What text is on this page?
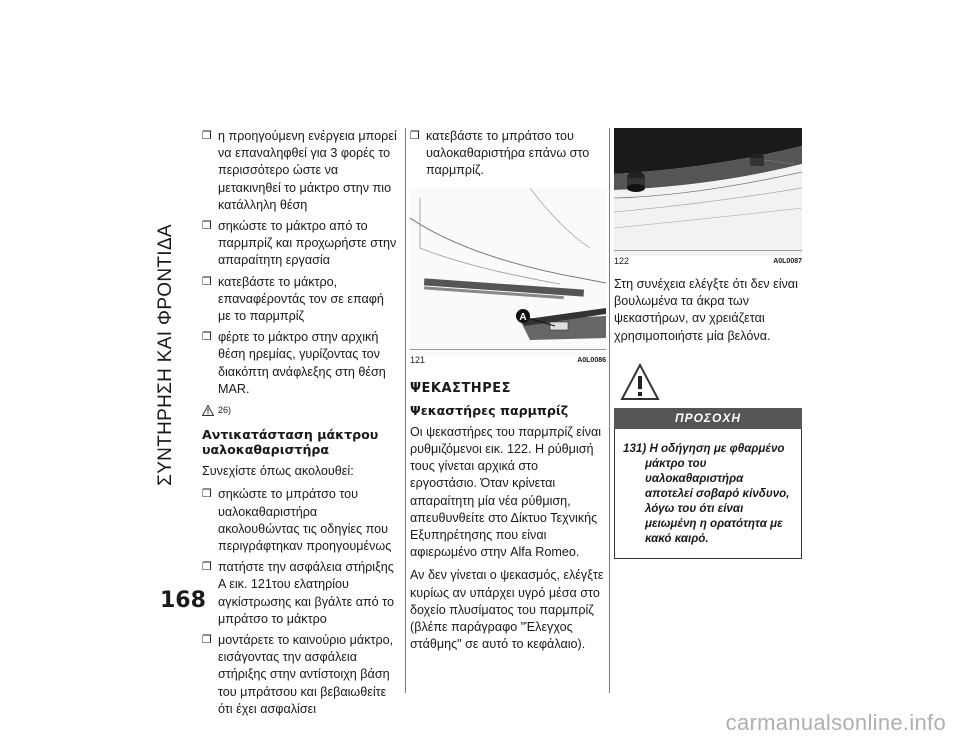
ΣΥΝΤΗΡΗΣΗ ΚΑΙ ΦΡΟΝΤΙΔΑ
168
❒ η προηγούμενη ενέργεια μπορεί να επαναληφθεί για 3 φορές το περισσότερο ώστε να μετακινηθεί το μάκτρο στην πιο κατάλληλη θέση
❒ σηκώστε το μάκτρο από το παρμπρίζ και προχωρήστε στην απαραίτητη εργασία
❒ κατεβάστε το μάκτρο, επαναφέροντάς τον σε επαφή με το παρμπρίζ
❒ φέρτε το μάκτρο στην αρχική θέση ηρεμίας, γυρίζοντας τον διακόπτη ανάφλεξης στη θέση MAR.
26)
Αντικατάσταση μάκτρου υαλοκαθαριστήρα

Συνεχίστε όπως ακολουθεί:

❒ σηκώστε το μπράτσο του υαλοκαθαριστήρα ακολουθώντας τις οδηγίες που περιγράφτηκαν προηγουμένως
❒ πατήστε την ασφάλεια στήριξης A εικ. 121του ελατηρίου αγκίστρωσης και βγάλτε από το μπράτσο το μάκτρο
❒ μοντάρετε το καινούριο μάκτρο, εισάγοντας την ασφάλεια στήριξης στην αντίστοιχη βάση του μπράτσου και βεβαιωθείτε ότι έχει ασφαλίσει
❒ κατεβάστε το μπράτσο του υαλοκαθαριστήρα επάνω στο παρμπρίζ.
A
121	A0L0086
ΨΕΚΑΣΤΗΡΕΣ
Ψεκαστήρες παρμπρίζ

Οι ψεκαστήρες του παρμπρίζ είναι ρυθμιζόμενοι εικ. 122. Η ρύθμισή τους γίνεται αρχικά στο εργοστάσιο. Όταν κρίνεται απαραίτητη μία νέα ρύθμιση, απευθυνθείτε στο Δίκτυο Τεχνικής Εξυπηρέτησης που είναι αφιερωμένο στην Alfa Romeo.

Αν δεν γίνεται ο ψεκασμός, ελέγξτε κυρίως αν υπάρχει υγρό μέσα στο δοχείο πλυσίματος του παρμπρίζ (βλέπε παράγραφο "Έλεγχος στάθμης" σε αυτό το κεφάλαιο).

122	A0L0087

Στη συνέχεια ελέγξτε ότι δεν είναι βουλωμένα τα άκρα των ψεκαστήρων, αν χρειάζεται χρησιμοποιήστε μία βελόνα.

ΠΡΟΣΟΧΗ
131) Η οδήγηση με φθαρμένο μάκτρο του υαλοκαθαριστήρα αποτελεί σοβαρό κίνδυνο, λόγω του ότι είναι μειωμένη η ορατότητα με κακό καιρό.
carmanualsonline.info
